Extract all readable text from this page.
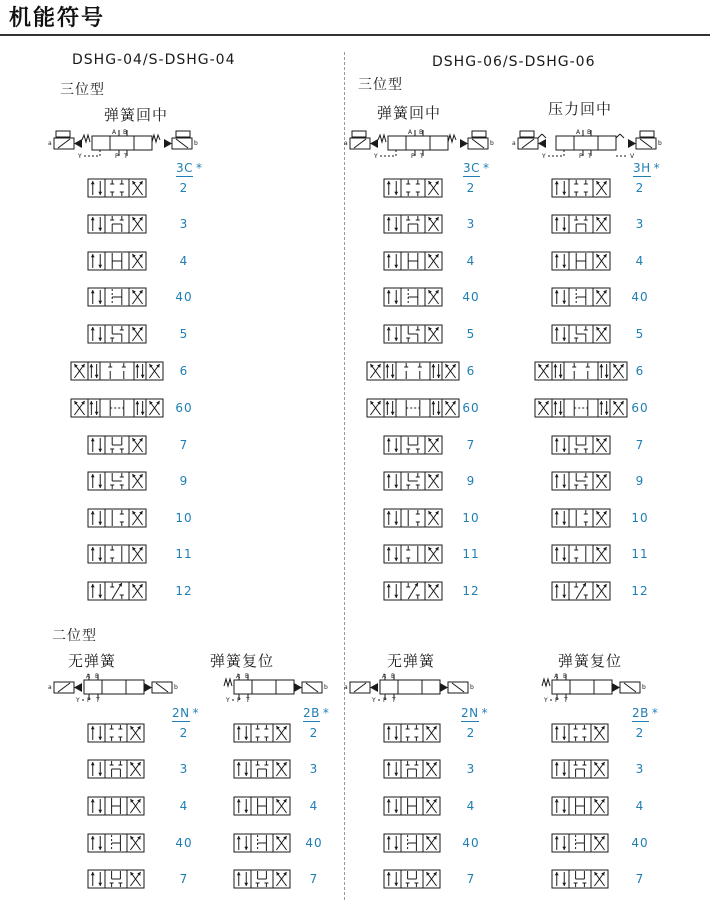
机能符号
DSHG-04/S-DSHG-04
三位型
弹簧回中
DSHG-06/S-DSHG-06
三位型
弹簧回中	压力回中
二位型
无弹簧	弹簧复位	无弹簧	弹簧复位
a
A B
P T
b
Y
3C *
2
3
4
40
5
6
60
7
9
10
11
12
a
A B
P T
b
Y
3C *
2
3
4
40
5
6
60
7
9
10
11
12
a
A B
P T
b
Y	V
3H *
2
3
4
40
5
6
60
7
9
10
11
12
a
A B
P T
b
Y
2N *
2
3
4
40
7
A B
P T
b
Y
2B *
2
3
4
40
7
a
A B
P T
b
Y
2N *
2
3
4
40
7
A B
P T
b
Y
2B *
2
3
4
40
7
